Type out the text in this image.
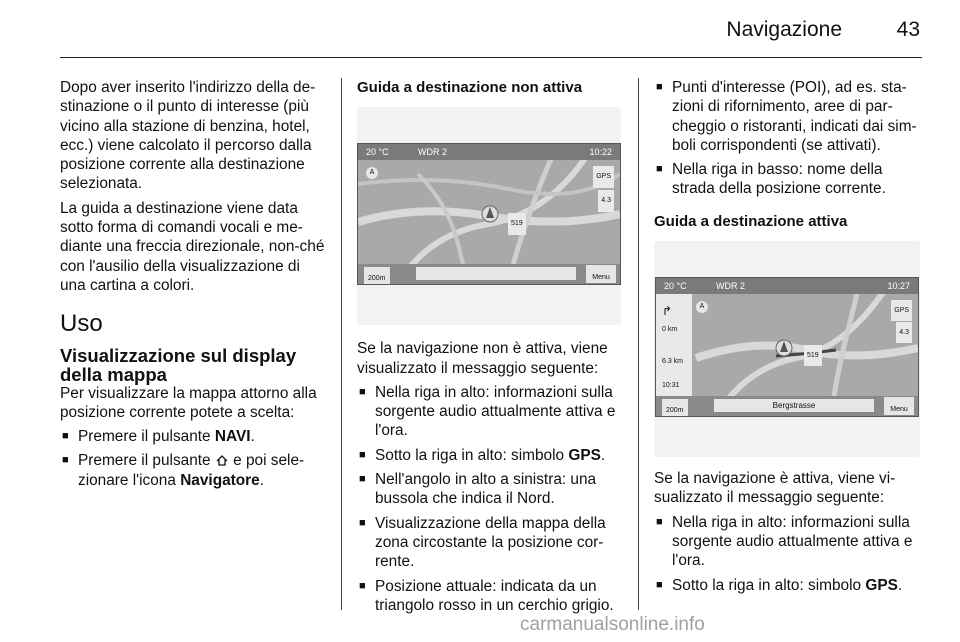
Navigazione	43

Dopo aver inserito l'indirizzo della de-stinazione o il punto di interesse (più vicino alla stazione di benzina, hotel, ecc.) viene calcolato il percorso dalla posizione corrente alla destinazione selezionata.

La guida a destinazione viene data sotto forma di comandi vocali e me-diante una freccia direzionale, non-ché con l'ausilio della visualizzazione di una cartina a colori.

Uso
Visualizzazione sul display della mappa

Per visualizzare la mappa attorno alla posizione corrente potete a scelta:

■ Premere il pulsante NAVI.
■ Premere il pulsante  e poi sele-zionare l'icona Navigatore.
Guida a destinazione non attiva
20 °C	WDR 2	10:22
A
GPS
4.3
519
200m	Menu

Se la navigazione non è attiva, viene visualizzato il messaggio seguente:

■ Nella riga in alto: informazioni sulla sorgente audio attualmente attiva e l'ora.
■ Sotto la riga in alto: simbolo GPS.
■ Nell'angolo in alto a sinistra: una bussola che indica il Nord.
■ Visualizzazione della mappa della zona circostante la posizione cor-rente.
■ Posizione attuale: indicata da un triangolo rosso in un cerchio grigio.
■ Punti d'interesse (POI), ad es. sta-zioni di rifornimento, aree di par-cheggio o ristoranti, indicati dai sim-boli corrispondenti (se attivati).
■ Nella riga in basso: nome della strada della posizione corrente.
Guida a destinazione attiva
20 °C	WDR 2	10:27
↱
0 km
6.3 km
10:31
A
GPS
4.3
519
200m
Bergstrasse	Menu

Se la navigazione è attiva, viene vi-sualizzato il messaggio seguente:

■ Nella riga in alto: informazioni sulla sorgente audio attualmente attiva e l'ora.
■ Sotto la riga in alto: simbolo GPS.
carmanualsonline.info
